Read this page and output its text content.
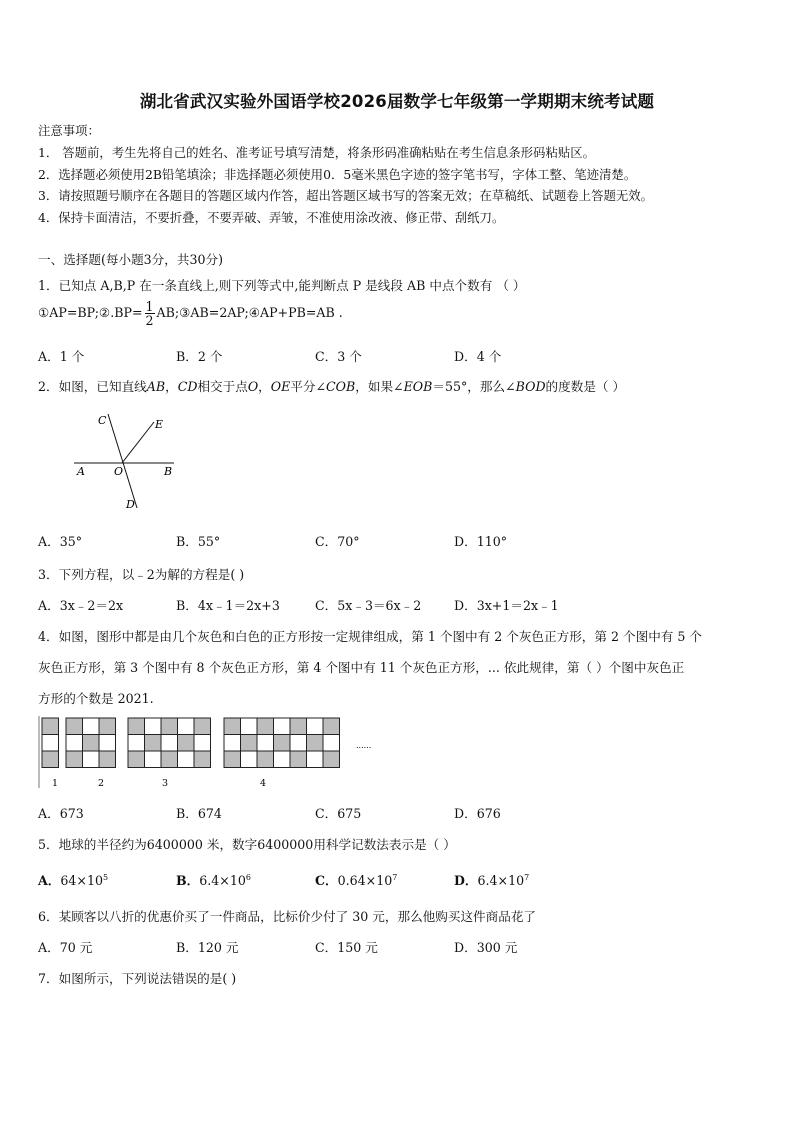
湖北省武汉实验外国语学校2026届数学七年级第一学期期末统考试题
注意事项：
1． 答题前，考生先将自己的姓名、准考证号填写清楚，将条形码准确粘贴在考生信息条形码粘贴区。
2．选择题必须使用2B铅笔填涂；非选择题必须使用0．5毫米黑色字迹的签字笔书写，字体工整、笔迹清楚。
3．请按照题号顺序在各题目的答题区域内作答，超出答题区域书写的答案无效；在草稿纸、试题卷上答题无效。
4．保持卡面清洁，不要折叠，不要弄破、弄皱，不准使用涂改液、修正带、刮纸刀。
一、选择题(每小题3分，共30分)
1．已知点 A,B,P 在一条直线上,则下列等式中,能判断点 P 是线段 AB 中点个数有 （ ）
①AP=BP;②.BP= $\frac{1}{2}$ AB;③AB=2AP;④AP+PB=AB .
A．1 个	B．2 个	C．3 个	D．4 个
2．如图，已知直线AB，CD相交于点O，OE平分∠COB，如果∠EOB＝55°，那么∠BOD的度数是（ ）
C	E
A	O	B
D
A．35°	B．55°	C．70°	D．110°
3．下列方程，以﹣2为解的方程是( )
A．3x﹣2＝2x	B．4x﹣1＝2x+3	C．5x﹣3＝6x﹣2	D．3x+1＝2x﹣1
4．如图，图形中都是由几个灰色和白色的正方形按一定规律组成，第 1 个图中有 2 个灰色正方形，第 2 个图中有 5 个
灰色正方形，第 3 个图中有 8 个灰色正方形，第 4 个图中有 11 个灰色正方形，... 依此规律，第（ ）个图中灰色正
方形的个数是 2021.
1	2	3	4
......
A．673	B．674	C．675	D．676
5．地球的半径约为6400000 米，数字6400000用科学记数法表示是（ ）
A．$64\times 10^5$	B．$6.4\times 10^6$	C．$0.64\times 10^7$	D．$6.4\times 10^7$
6．某顾客以八折的优惠价买了一件商品，比标价少付了 30 元，那么他购买这件商品花了
A．70 元	B．120 元	C．150 元	D．300 元
7．如图所示，下列说法错误的是( )
